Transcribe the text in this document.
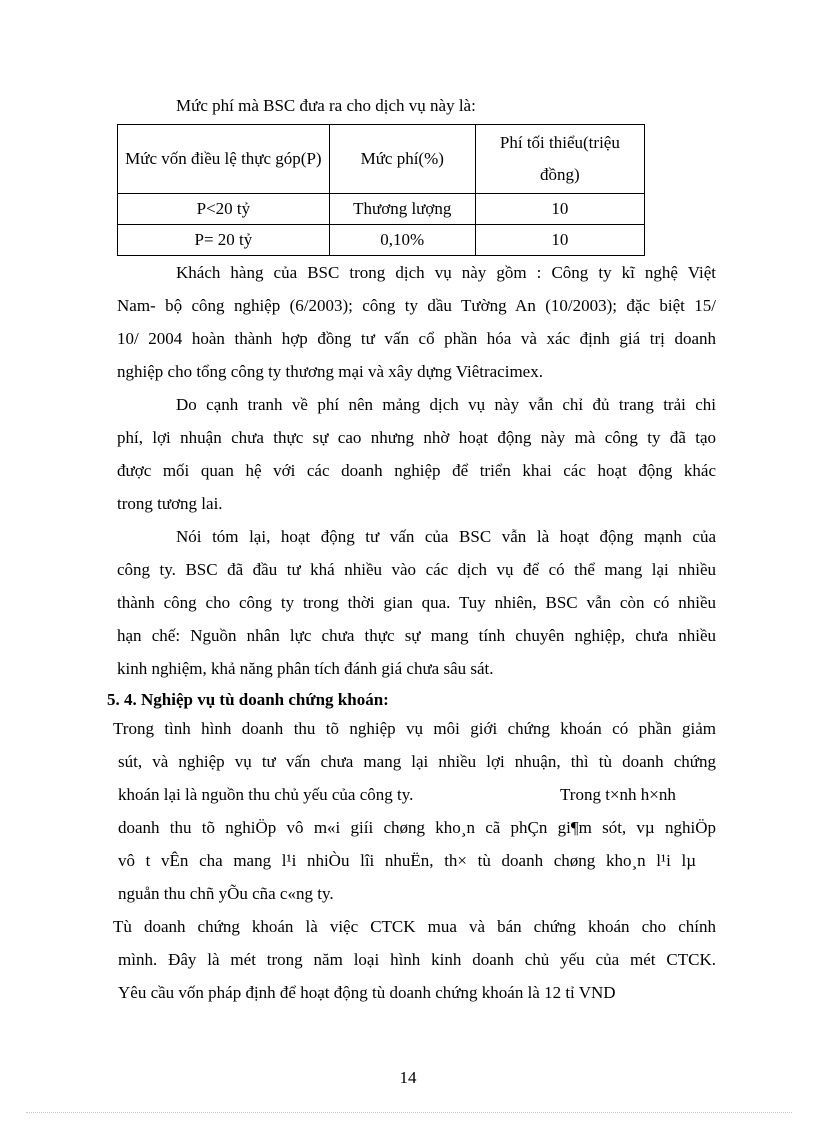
Mức phí mà BSC đưa ra cho dịch vụ này là:
Mức vốn điều lệ thực góp(P)	Mức phí(%)	Phí tối thiểu(triệu đồng)
P<20 tỷ	Thương lượng	10
P= 20 tỷ	0,10%	10
Khách hàng của BSC trong dịch vụ này gồm : Công ty kĩ nghệ Việt
Nam- bộ công nghiệp (6/2003); công ty dầu Tường An (10/2003); đặc biệt 15/
10/ 2004 hoàn thành hợp đồng tư vấn cổ phần hóa và xác định giá trị doanh
nghiệp cho tổng công ty thương mại và xây dựng Viêtracimex.
Do cạnh tranh về phí nên mảng dịch vụ này vẫn chỉ đủ trang trải chi
phí, lợi nhuận chưa thực sự cao nhưng nhờ hoạt động này mà công ty đã tạo
được mối quan hệ với các doanh nghiệp để triển khai các hoạt động khác
trong tương lai.
Nói tóm lại, hoạt động tư vấn của BSC vẫn là hoạt động mạnh của
công ty. BSC đã đầu tư khá nhiều vào các dịch vụ để có thể mang lại nhiều
thành công cho công ty trong thời gian qua. Tuy nhiên, BSC vẫn còn có nhiều
hạn chế: Nguồn nhân lực chưa thực sự mang tính chuyên nghiệp, chưa nhiều
kinh nghiệm, khả năng phân tích đánh giá chưa sâu sát.
5. 4. Nghiệp vụ tù doanh chứng khoán:
Trong tình hình doanh thu tõ nghiệp vụ môi giới chứng khoán có phần giảm
sút, và nghiệp vụ tư vấn chưa mang lại nhiều lợi nhuận, thì tù doanh chứng
khoán lại là nguồn thu chủ yếu của công ty.	Trong t×nh h×nh
doanh thu tõ nghiÖp vô m«i giíi chøng kho¸n cã phÇn gi¶m sót, vµ nghiÖp
vô t vÊn cha mang l¹i nhiÒu lîi nhuËn, th× tù doanh chøng kho¸n l¹i lµ
nguån thu chñ yÕu cña c«ng ty.
Tù doanh chứng khoán là việc CTCK mua và bán chứng khoán cho chính
mình. Đây là mét trong năm loại hình kinh doanh chủ yếu của mét CTCK.
Yêu cầu vốn pháp định để hoạt động tù doanh chứng khoán là 12 tỉ VND
14
